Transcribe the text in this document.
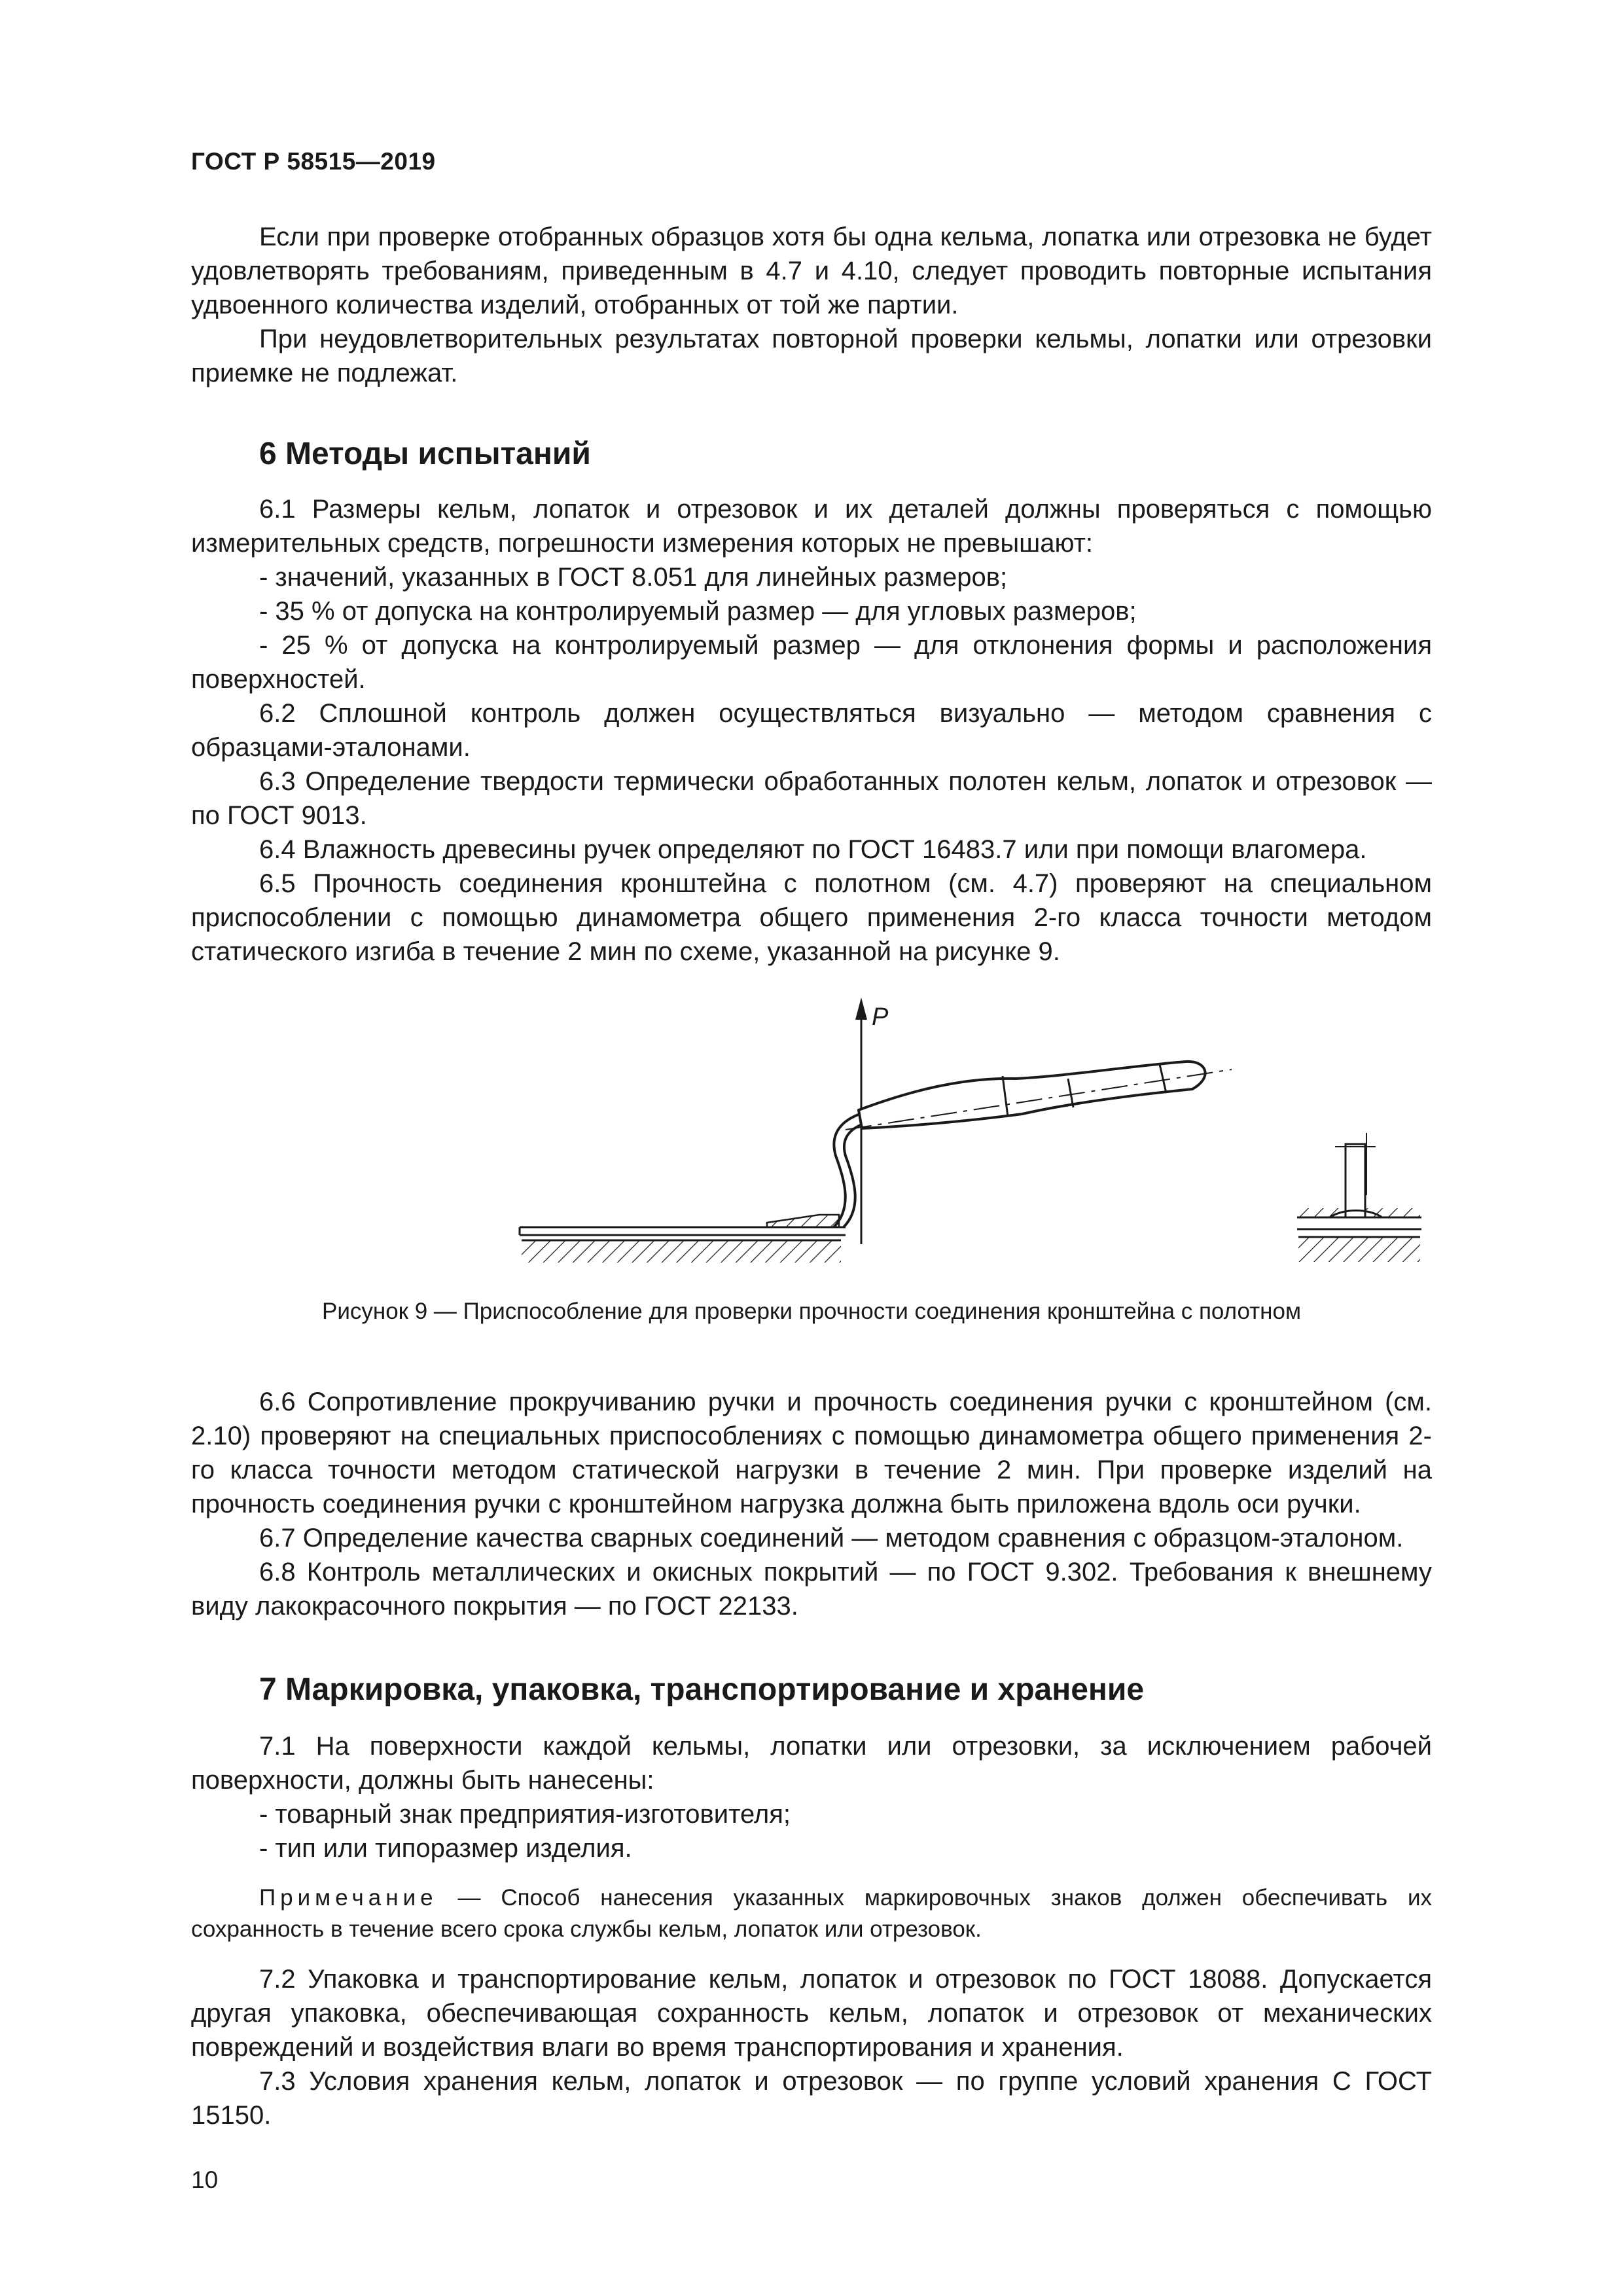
ГОСТ Р 58515—2019

Если при проверке отобранных образцов хотя бы одна кельма, лопатка или отрезовка не будет удовлетворять требованиям, приведенным в 4.7 и 4.10, следует проводить повторные испытания удвоенного количества изделий, отобранных от той же партии.

При неудовлетворительных результатах повторной проверки кельмы, лопатки или отрезовки приемке не подлежат.

6 Методы испытаний

6.1 Размеры кельм, лопаток и отрезовок и их деталей должны проверяться с помощью измерительных средств, погрешности измерения которых не превышают:

- значений, указанных в ГОСТ 8.051 для линейных размеров;

- 35 % от допуска на контролируемый размер — для угловых размеров;

- 25 % от допуска на контролируемый размер — для отклонения формы и расположения поверхностей.

6.2 Сплошной контроль должен осуществляться визуально — методом сравнения с образцами-эталонами.

6.3 Определение твердости термически обработанных полотен кельм, лопаток и отрезовок — по ГОСТ 9013.

6.4 Влажность древесины ручек определяют по ГОСТ 16483.7 или при помощи влагомера.

6.5 Прочность соединения кронштейна с полотном (см. 4.7) проверяют на специальном приспособлении с помощью динамометра общего применения 2-го класса точности методом статического изгиба в течение 2 мин по схеме, указанной на рисунке 9.

P
Рисунок 9 — Приспособление для проверки прочности соединения кронштейна с полотном

6.6 Сопротивление прокручиванию ручки и прочность соединения ручки с кронштейном (см. 2.10) проверяют на специальных приспособлениях с помощью динамометра общего применения 2-го класса точности методом статической нагрузки в течение 2 мин. При проверке изделий на прочность соединения ручки с кронштейном нагрузка должна быть приложена вдоль оси ручки.

6.7 Определение качества сварных соединений — методом сравнения с образцом-эталоном.

6.8 Контроль металлических и окисных покрытий — по ГОСТ 9.302. Требования к внешнему виду лакокрасочного покрытия — по ГОСТ 22133.

7 Маркировка, упаковка, транспортирование и хранение

7.1 На поверхности каждой кельмы, лопатки или отрезовки, за исключением рабочей поверхности, должны быть нанесены:

- товарный знак предприятия-изготовителя;

- тип или типоразмер изделия.

Примечание — Способ нанесения указанных маркировочных знаков должен обеспечивать их сохранность в течение всего срока службы кельм, лопаток или отрезовок.

7.2 Упаковка и транспортирование кельм, лопаток и отрезовок по ГОСТ 18088. Допускается другая упаковка, обеспечивающая сохранность кельм, лопаток и отрезовок от механических повреждений и воздействия влаги во время транспортирования и хранения.

7.3 Условия хранения кельм, лопаток и отрезовок — по группе условий хранения С ГОСТ 15150.

10
